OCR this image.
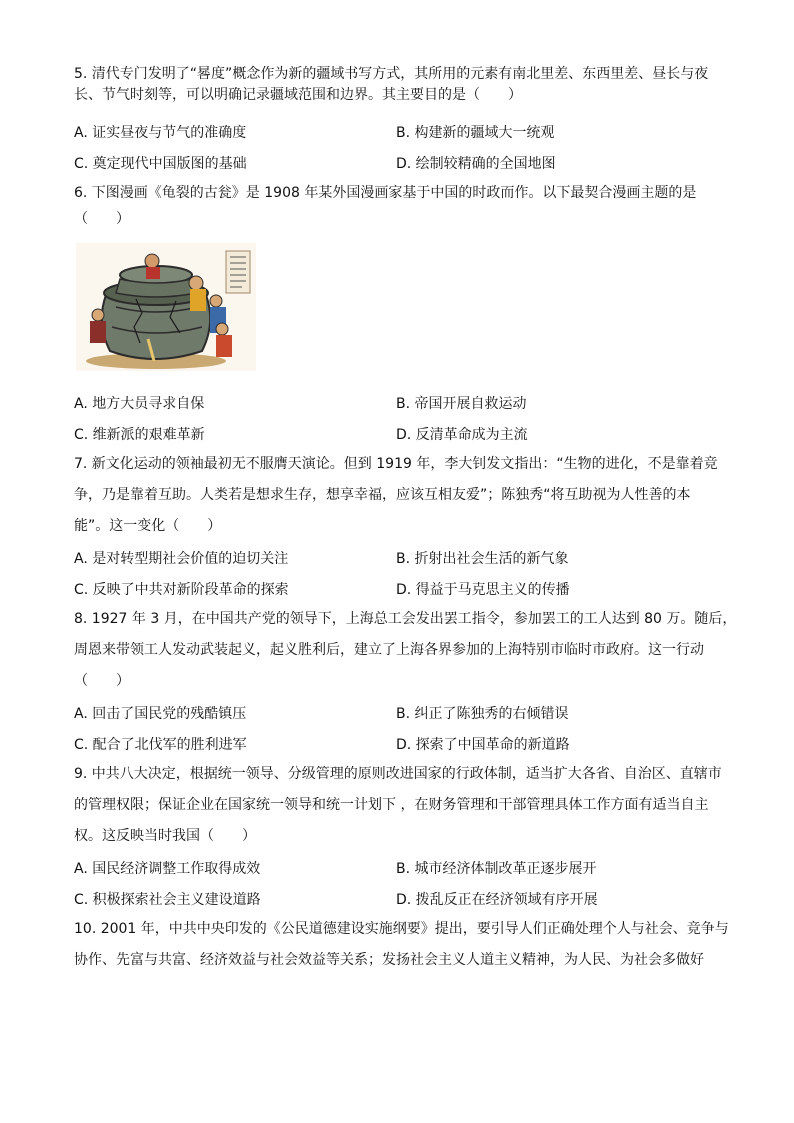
5. 清代专门发明了“晷度”概念作为新的疆域书写方式，其所用的元素有南北里差、东西里差、昼长与夜
长、节气时刻等，可以明确记录疆域范围和边界。其主要目的是（　　）
A. 证实昼夜与节气的准确度	B. 构建新的疆域大一统观
C. 奠定现代中国版图的基础	D. 绘制较精确的全国地图
6. 下图漫画《龟裂的古瓮》是 1908 年某外国漫画家基于中国的时政而作。以下最契合漫画主题的是
（　　）
A. 地方大员寻求自保	B. 帝国开展自救运动
C. 维新派的艰难革新	D. 反清革命成为主流
7. 新文化运动的领袖最初无不服膺天演论。但到 1919 年，李大钊发文指出：“生物的进化，不是靠着竞
争，乃是靠着互助。人类若是想求生存，想享幸福，应该互相友爱”；陈独秀“将互助视为人性善的本
能”。这一变化（　　）
A. 是对转型期社会价值的迫切关注	B. 折射出社会生活的新气象
C. 反映了中共对新阶段革命的探索	D. 得益于马克思主义的传播
8. 1927 年 3 月，在中国共产党的领导下，上海总工会发出罢工指令，参加罢工的工人达到 80 万。随后，
周恩来带领工人发动武装起义，起义胜利后，建立了上海各界参加的上海特别市临时市政府。这一行动
（　　）
A. 回击了国民党的残酷镇压	B. 纠正了陈独秀的右倾错误
C. 配合了北伐军的胜利进军	D. 探索了中国革命的新道路
9. 中共八大决定，根据统一领导、分级管理的原则改进国家的行政体制，适当扩大各省、自治区、直辖市
的管理权限；保证企业在国家统一领导和统一计划下 ，在财务管理和干部管理具体工作方面有适当自主
权。这反映当时我国（　　）
A. 国民经济调整工作取得成效	B. 城市经济体制改革正逐步展开
C. 积极探索社会主义建设道路	D. 拨乱反正在经济领域有序开展
10. 2001 年，中共中央印发的《公民道德建设实施纲要》提出，要引导人们正确处理个人与社会、竞争与
协作、先富与共富、经济效益与社会效益等关系；发扬社会主义人道主义精神，为人民、为社会多做好
